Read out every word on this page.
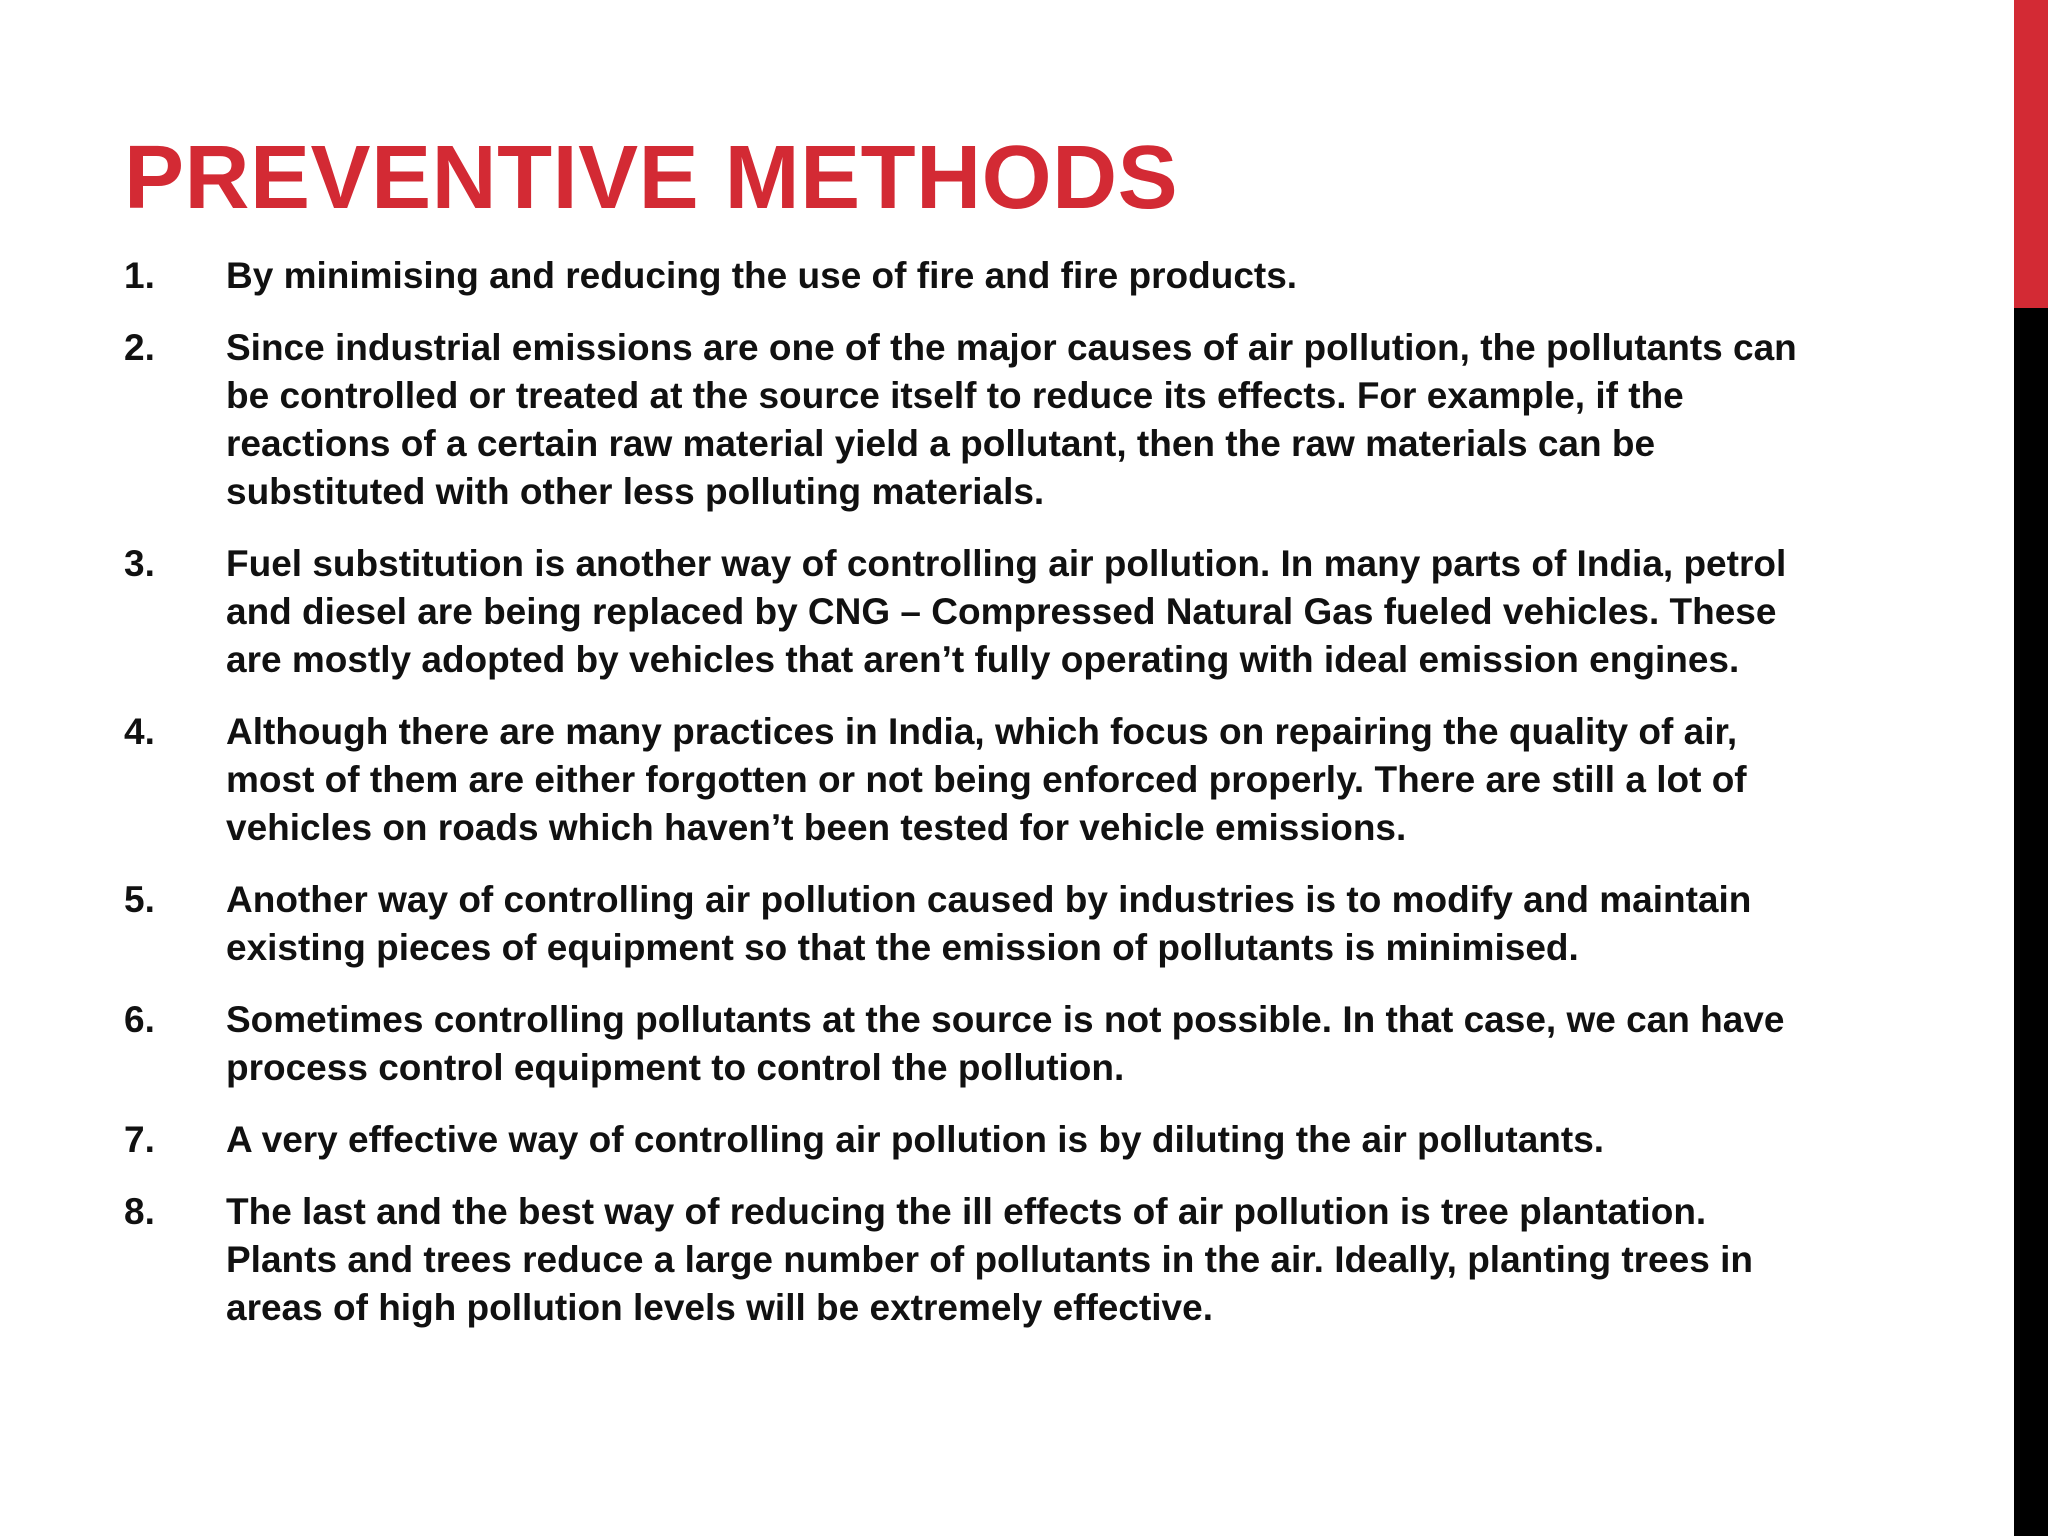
PREVENTIVE METHODS
1. By minimising and reducing the use of fire and fire products.
2. Since industrial emissions are one of the major causes of air pollution, the pollutants can be controlled or treated at the source itself to reduce its effects. For example, if the reactions of a certain raw material yield a pollutant, then the raw materials can be substituted with other less polluting materials.
3. Fuel substitution is another way of controlling air pollution. In many parts of India, petrol and diesel are being replaced by CNG – Compressed Natural Gas fueled vehicles. These are mostly adopted by vehicles that aren’t fully operating with ideal emission engines.
4. Although there are many practices in India, which focus on repairing the quality of air, most of them are either forgotten or not being enforced properly. There are still a lot of vehicles on roads which haven’t been tested for vehicle emissions.
5. Another way of controlling air pollution caused by industries is to modify and maintain existing pieces of equipment so that the emission of pollutants is minimised.
6. Sometimes controlling pollutants at the source is not possible. In that case, we can have process control equipment to control the pollution.
7. A very effective way of controlling air pollution is by diluting the air pollutants.
8. The last and the best way of reducing the ill effects of air pollution is tree plantation. Plants and trees reduce a large number of pollutants in the air. Ideally, planting trees in areas of high pollution levels will be extremely effective.
